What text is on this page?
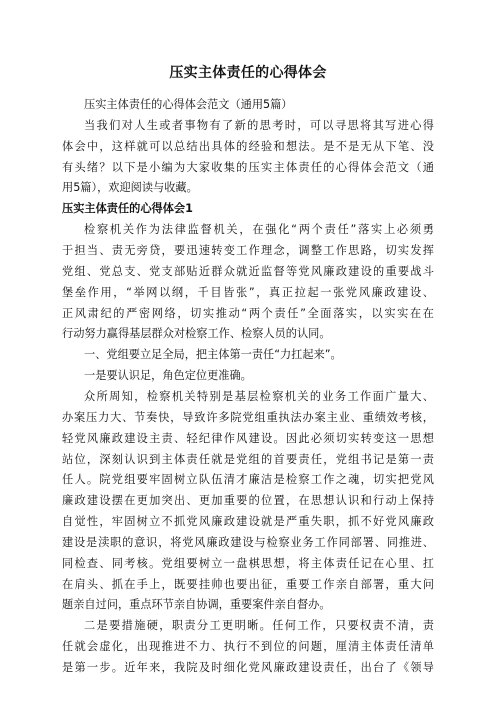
压实主体责任的心得体会
压实主体责任的心得体会范文（通用5篇）
当我们对人生或者事物有了新的思考时，可以寻思将其写进心得
体会中，这样就可以总结出具体的经验和想法。是不是无从下笔、没
有头绪？以下是小编为大家收集的压实主体责任的心得体会范文（通
用5篇），欢迎阅读与收藏。
压实主体责任的心得体会1
检察机关作为法律监督机关，在强化“两个责任”落实上必须勇
于担当、责无旁贷，要迅速转变工作理念，调整工作思路，切实发挥
党组、党总支、党支部贴近群众就近监督等党风廉政建设的重要战斗
堡垒作用，“举网以纲，千目皆张”，真正拉起一张党风廉政建设、
正风肃纪的严密网络，切实推动“两个责任”全面落实，以实实在在
行动努力赢得基层群众对检察工作、检察人员的认同。
一、党组要立足全局，把主体第一责任“力扛起来”。
一是要认识足，角色定位更准确。
众所周知，检察机关特别是基层检察机关的业务工作面广量大、
办案压力大、节奏快，导致许多院党组重执法办案主业、重绩效考核，
轻党风廉政建设主责、轻纪律作风建设。因此必须切实转变这一思想
站位，深刻认识到主体责任就是党组的首要责任，党组书记是第一责
任人。院党组要牢固树立队伍清才廉洁是检察工作之魂，切实把党风
廉政建设摆在更加突出、更加重要的位置，在思想认识和行动上保持
自觉性，牢固树立不抓党风廉政建设就是严重失职，抓不好党风廉政
建设是渎职的意识，将党风廉政建设与检察业务工作同部署、同推进、
同检查、同考核。党组要树立一盘棋思想，将主体责任记在心里、扛
在肩头、抓在手上，既要挂帅也要出征，重要工作亲自部署，重大问
题亲自过问，重点环节亲自协调，重要案件亲自督办。
二是要措施硬，职责分工更明晰。任何工作，只要权责不清，责
任就会虚化，出现推进不力、执行不到位的问题，厘清主体责任清单
是第一步。近年来，我院及时细化党风廉政建设责任，出台了《领导
